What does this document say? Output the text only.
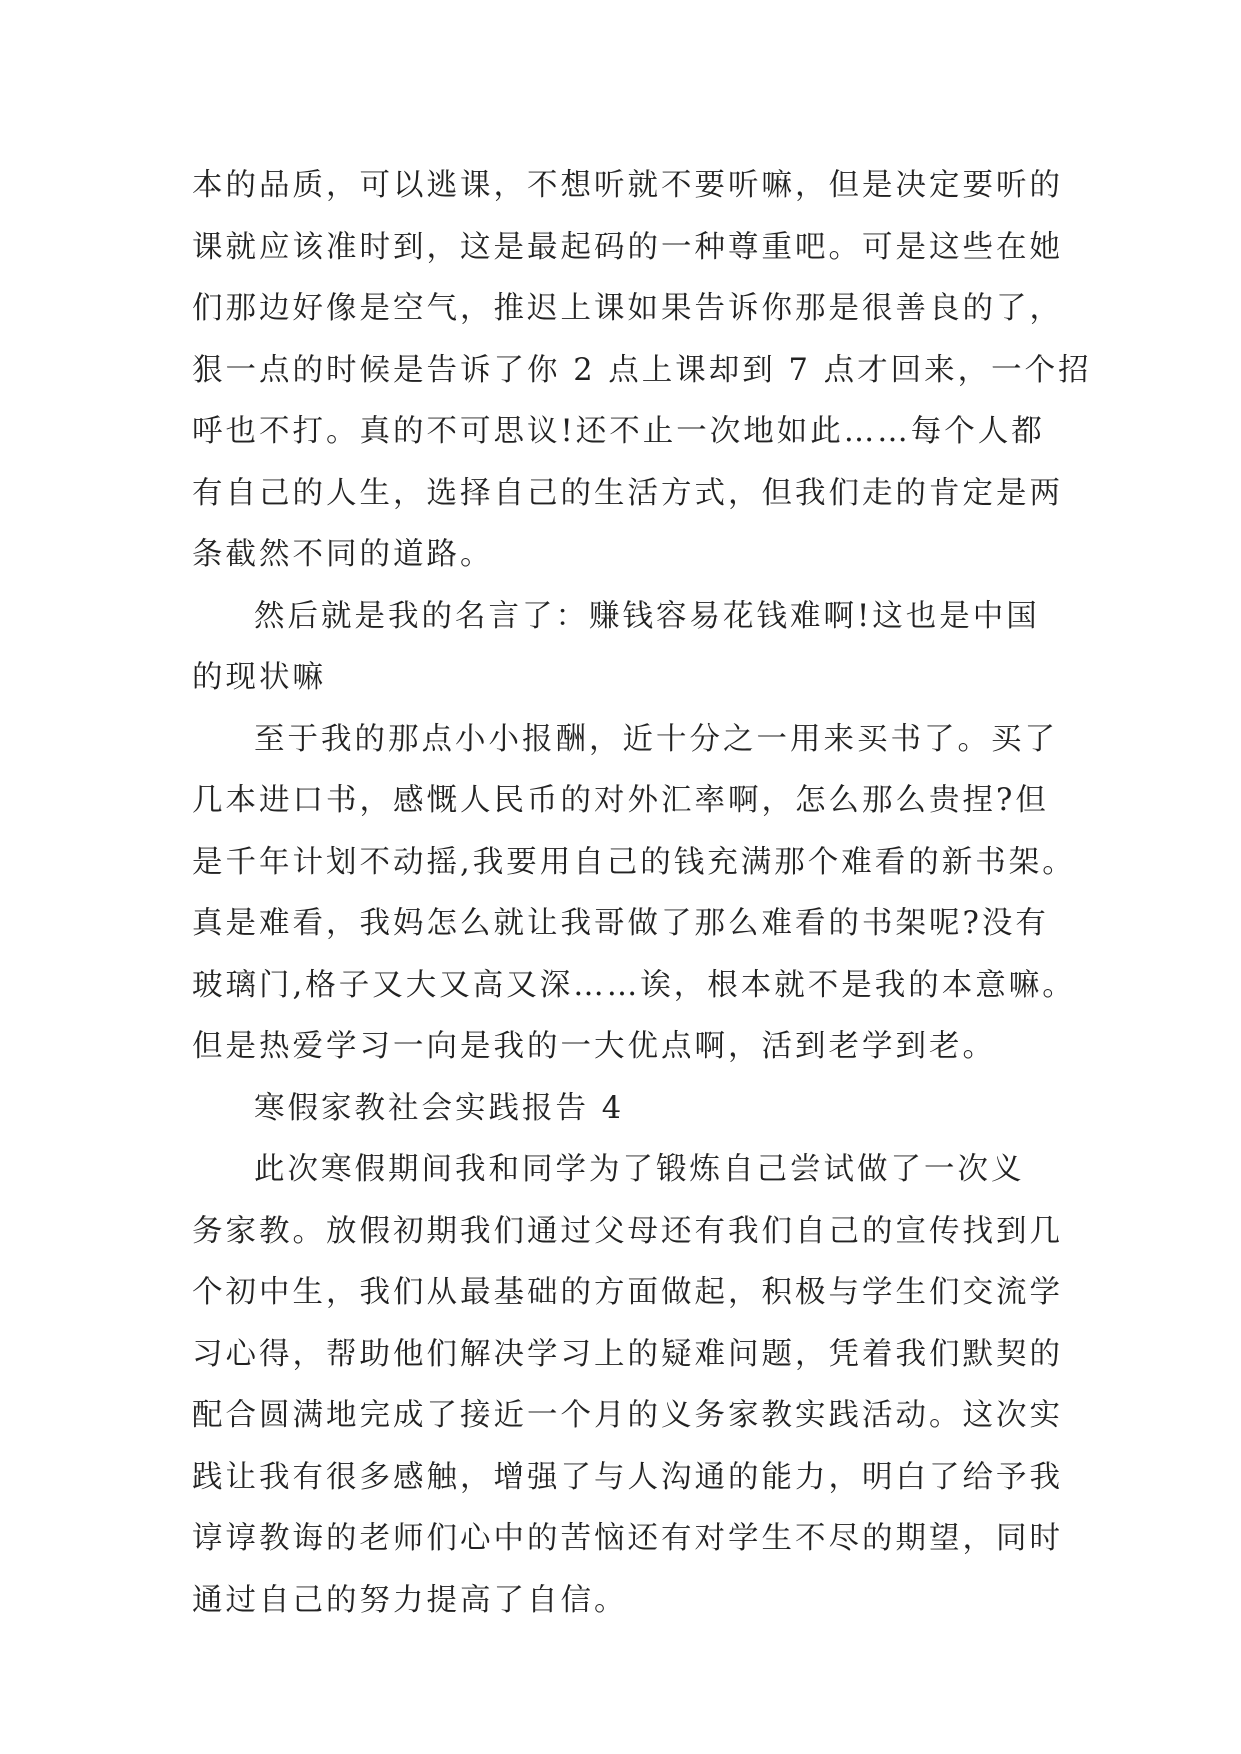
本的品质，可以逃课，不想听就不要听嘛，但是决定要听的
课就应该准时到，这是最起码的一种尊重吧。可是这些在她
们那边好像是空气，推迟上课如果告诉你那是很善良的了，
狠一点的时候是告诉了你 2 点上课却到 7 点才回来，一个招
呼也不打。真的不可思议!还不止一次地如此……每个人都
有自己的人生，选择自己的生活方式，但我们走的肯定是两
条截然不同的道路。
然后就是我的名言了：赚钱容易花钱难啊!这也是中国
的现状嘛
至于我的那点小小报酬，近十分之一用来买书了。买了
几本进口书，感慨人民币的对外汇率啊，怎么那么贵捏?但
是千年计划不动摇,我要用自己的钱充满那个难看的新书架。
真是难看，我妈怎么就让我哥做了那么难看的书架呢?没有
玻璃门,格子又大又高又深……诶，根本就不是我的本意嘛。
但是热爱学习一向是我的一大优点啊，活到老学到老。
寒假家教社会实践报告 4
此次寒假期间我和同学为了锻炼自己尝试做了一次义
务家教。放假初期我们通过父母还有我们自己的宣传找到几
个初中生，我们从最基础的方面做起，积极与学生们交流学
习心得，帮助他们解决学习上的疑难问题，凭着我们默契的
配合圆满地完成了接近一个月的义务家教实践活动。这次实
践让我有很多感触，增强了与人沟通的能力，明白了给予我
谆谆教诲的老师们心中的苦恼还有对学生不尽的期望，同时
通过自己的努力提高了自信。
